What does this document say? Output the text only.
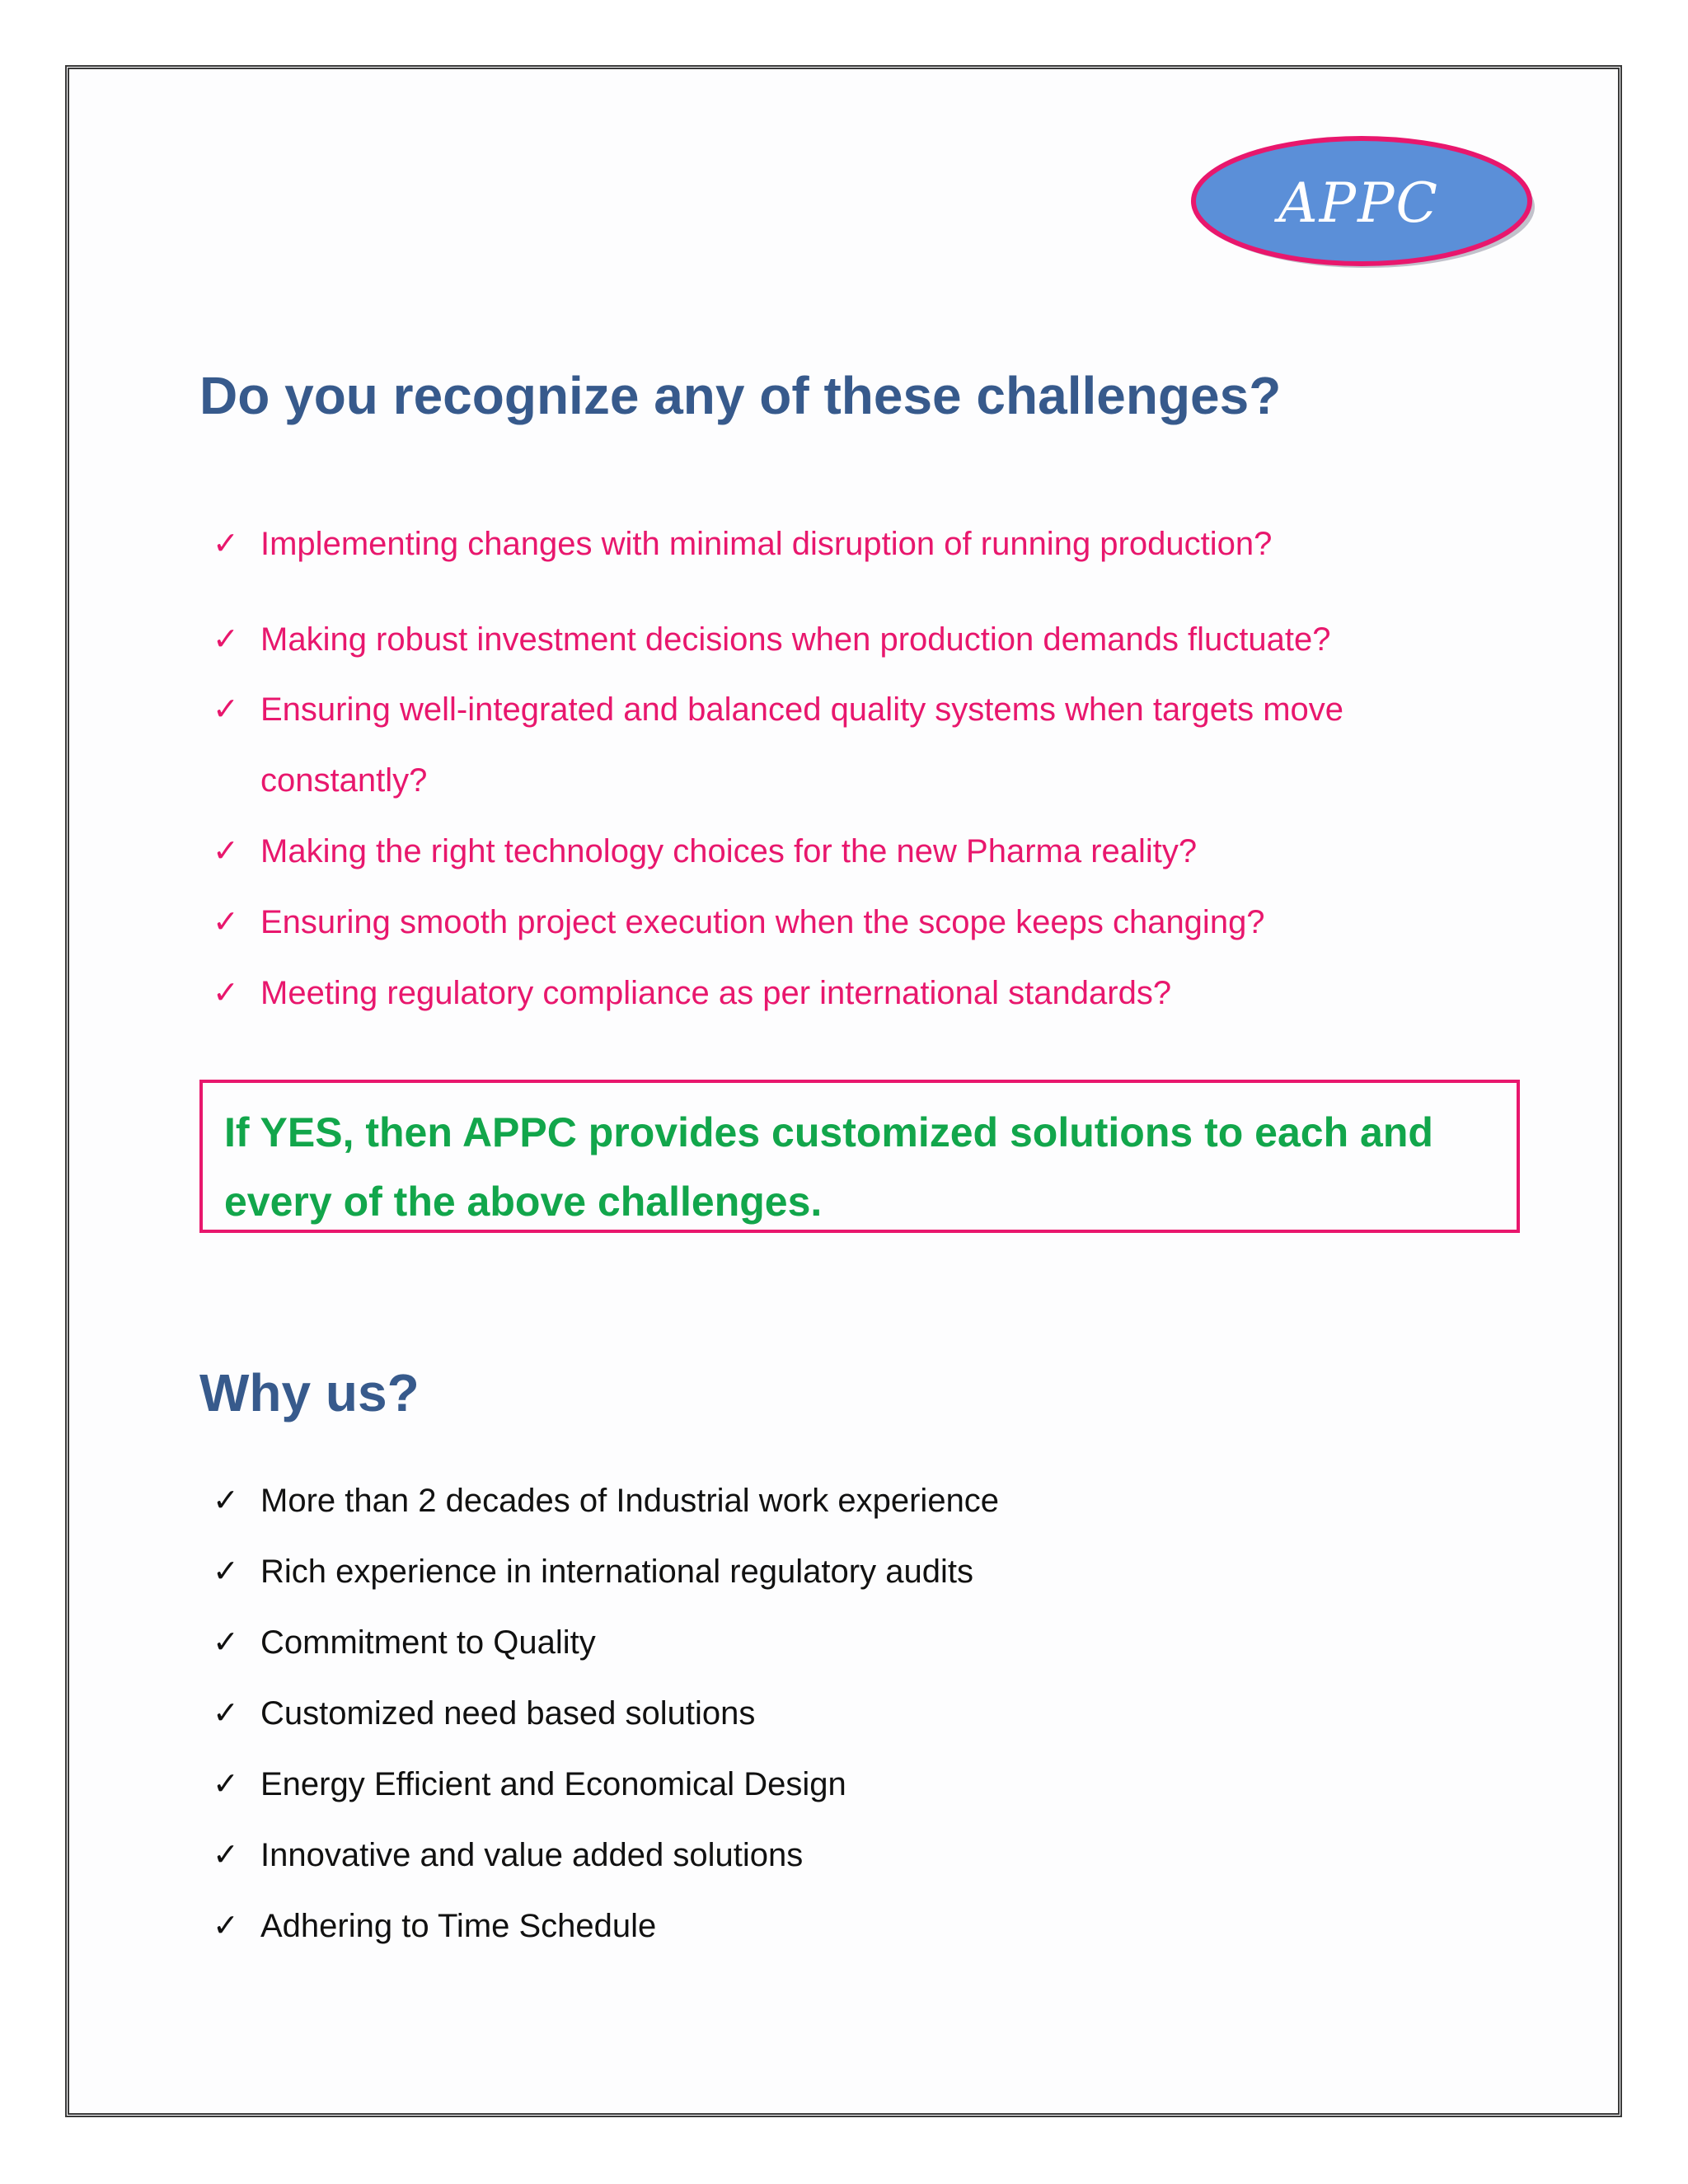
APPC
Do you recognize any of these challenges?
✓ Implementing changes with minimal disruption of running production?
✓ Making robust investment decisions when production demands fluctuate?
✓ Ensuring well-integrated and balanced quality systems when targets move
constantly?
✓ Making the right technology choices for the new Pharma reality?
✓ Ensuring smooth project execution when the scope keeps changing?
✓ Meeting regulatory compliance as per international standards?
If YES, then APPC provides customized solutions to each and
every of the above challenges.
Why us?
✓ More than 2 decades of Industrial work experience
✓ Rich experience in international regulatory audits
✓ Commitment to Quality
✓ Customized need based solutions
✓ Energy Efficient and Economical Design
✓ Innovative and value added solutions
✓ Adhering to Time Schedule
